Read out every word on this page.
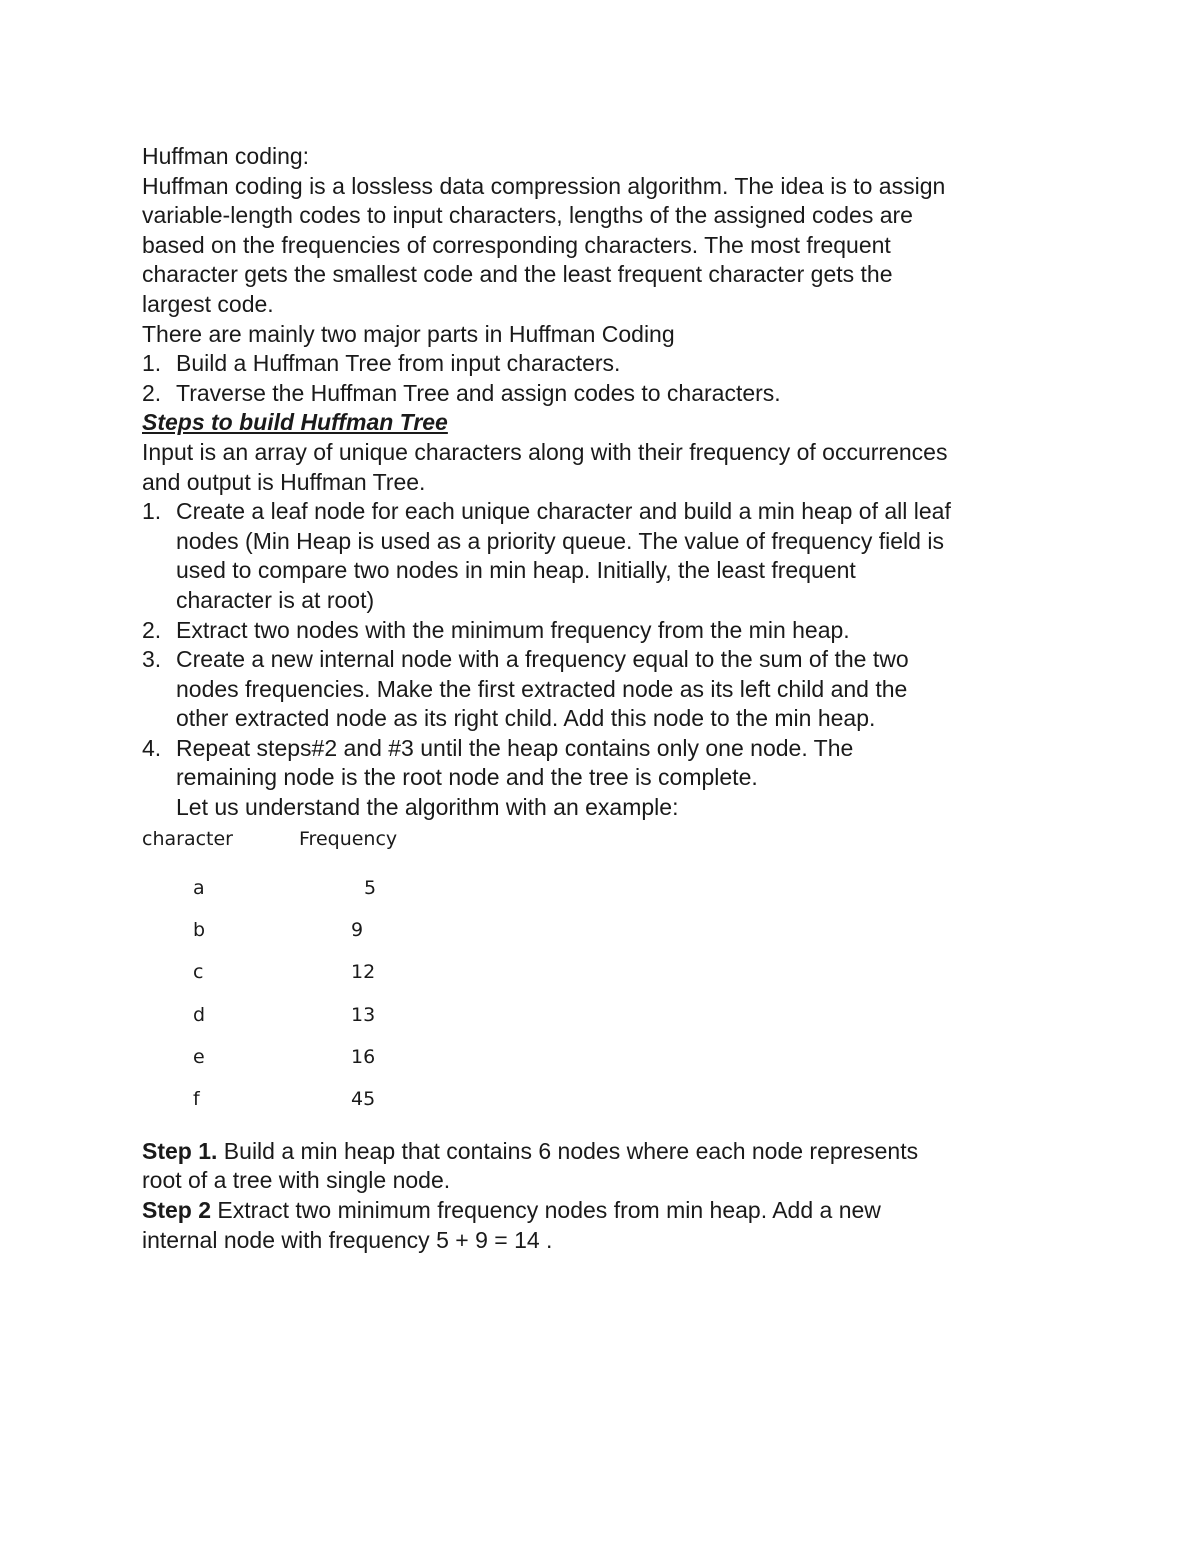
Huffman coding:
Huffman coding is a lossless data compression algorithm. The idea is to assign
variable-length codes to input characters, lengths of the assigned codes are
based on the frequencies of corresponding characters. The most frequent
character gets the smallest code and the least frequent character gets the
largest code.
There are mainly two major parts in Huffman Coding
1. Build a Huffman Tree from input characters.
2. Traverse the Huffman Tree and assign codes to characters.
Steps to build Huffman Tree
Input is an array of unique characters along with their frequency of occurrences
and output is Huffman Tree.
1. Create a leaf node for each unique character and build a min heap of all leaf
nodes (Min Heap is used as a priority queue. The value of frequency field is
used to compare two nodes in min heap. Initially, the least frequent
character is at root)
2. Extract two nodes with the minimum frequency from the min heap.
3. Create a new internal node with a frequency equal to the sum of the two
nodes frequencies. Make the first extracted node as its left child and the
other extracted node as its right child. Add this node to the min heap.
4. Repeat steps#2 and #3 until the heap contains only one node. The
remaining node is the root node and the tree is complete.
Let us understand the algorithm with an example:
character	Frequency
a	5
b	9
c	12
d	13
e	16
f	45
Step 1. Build a min heap that contains 6 nodes where each node represents
root of a tree with single node.
Step 2 Extract two minimum frequency nodes from min heap. Add a new
internal node with frequency 5 + 9 = 14 .
